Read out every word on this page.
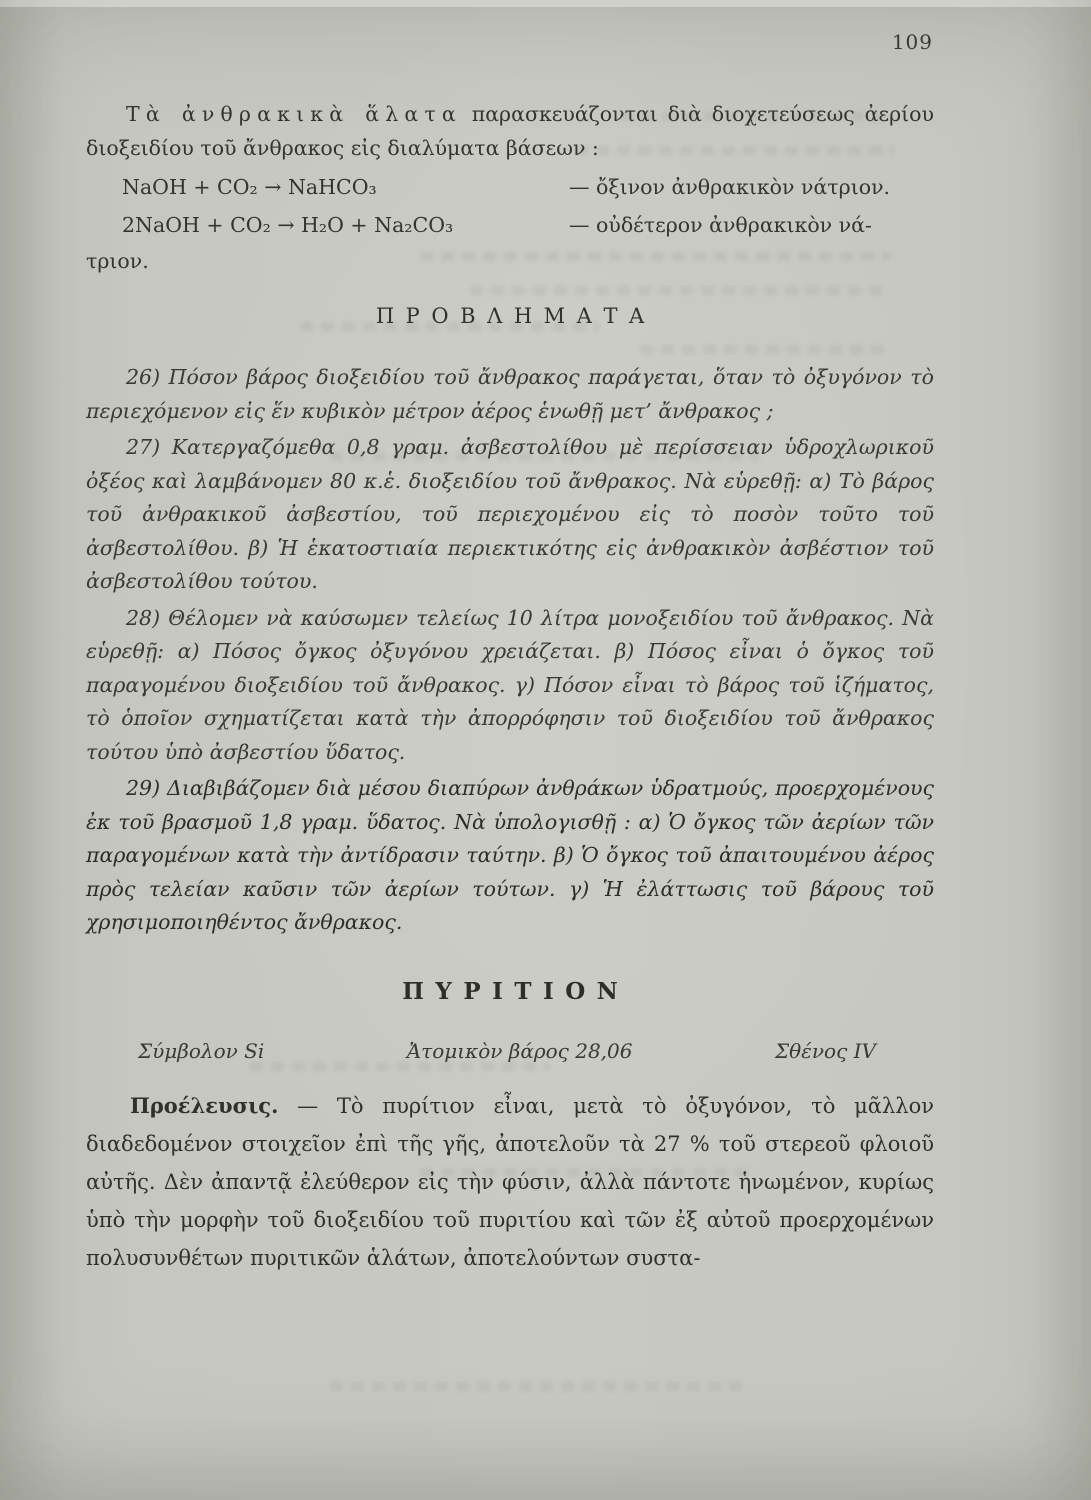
109

Τὰ ἀνθρακικὰ ἅλατα παρασκευάζονται διὰ διοχετεύσεως ἀερίου διοξειδίου τοῦ ἄνθρακος εἰς διαλύματα βάσεων :

NaOH + CO₂ → NaHCO₃	— ὄξινον ἀνθρακικὸν νάτριον.
2NaOH + CO₂ → H₂O + Na₂CO₃	— οὐδέτερον ἀνθρακικὸν νά-

τριον.

ΠΡΟΒΛΗΜΑΤΑ

26) Πόσον βάρος διοξειδίου τοῦ ἄνθρακος παράγεται, ὅταν τὸ ὀξυγόνον τὸ περιεχόμενον εἰς ἕν κυβικὸν μέτρον ἀέρος ἑνωθῇ μετ’ ἄνθρακος ;

27) Κατεργαζόμεθα 0,8 γραμ. ἀσβεστολίθου μὲ περίσσειαν ὑδροχλωρικοῦ ὀξέος καὶ λαμβάνομεν 80 κ.ἑ. διοξειδίου τοῦ ἄνθρακος. Νὰ εὑρεθῇ: α) Τὸ βάρος τοῦ ἀνθρακικοῦ ἀσβεστίου, τοῦ περιεχομένου εἰς τὸ ποσὸν τοῦτο τοῦ ἀσβεστολίθου. β) Ἡ ἑκατοστιαία περιεκτικότης εἰς ἀνθρακικὸν ἀσβέστιον τοῦ ἀσβεστολίθου τούτου.

28) Θέλομεν νὰ καύσωμεν τελείως 10 λίτρα μονοξειδίου τοῦ ἄνθρακος. Νὰ εὑρεθῇ: α) Πόσος ὄγκος ὀξυγόνου χρειάζεται. β) Πόσος εἶναι ὁ ὄγκος τοῦ παραγομένου διοξειδίου τοῦ ἄνθρακος. γ) Πόσον εἶναι τὸ βάρος τοῦ ἱζήματος, τὸ ὁποῖον σχηματίζεται κατὰ τὴν ἀπορρόφησιν τοῦ διοξειδίου τοῦ ἄνθρακος τούτου ὑπὸ ἀσβεστίου ὕδατος.

29) Διαβιβάζομεν διὰ μέσου διαπύρων ἀνθράκων ὑδρατμούς, προερχομένους ἐκ τοῦ βρασμοῦ 1,8 γραμ. ὕδατος. Νὰ ὑπολογισθῇ : α) Ὁ ὄγκος τῶν ἀερίων τῶν παραγομένων κατὰ τὴν ἀντίδρασιν ταύτην. β) Ὁ ὄγκος τοῦ ἀπαιτουμένου ἀέρος πρὸς τελείαν καῦσιν τῶν ἀερίων τούτων. γ) Ἡ ἐλάττωσις τοῦ βάρους τοῦ χρησιμοποιηθέντος ἄνθρακος.

ΠΥΡΙΤΙΟΝ
Σύμβολον Si	Ἀτομικὸν βάρος 28,06	Σθένος IV

Προέλευσις. — Τὸ πυρίτιον εἶναι, μετὰ τὸ ὀξυγόνον, τὸ μᾶλλον διαδεδομένον στοιχεῖον ἐπὶ τῆς γῆς, ἀποτελοῦν τὰ 27 % τοῦ στερεοῦ φλοιοῦ αὐτῆς. Δὲν ἀπαντᾷ ἐλεύθερον εἰς τὴν φύσιν, ἀλλὰ πάντοτε ἡνωμένον, κυρίως ὑπὸ τὴν μορφὴν τοῦ διοξειδίου τοῦ πυριτίου καὶ τῶν ἐξ αὐτοῦ προερχομένων πολυσυνθέτων πυριτικῶν ἁλάτων, ἀποτελούντων συστα-
